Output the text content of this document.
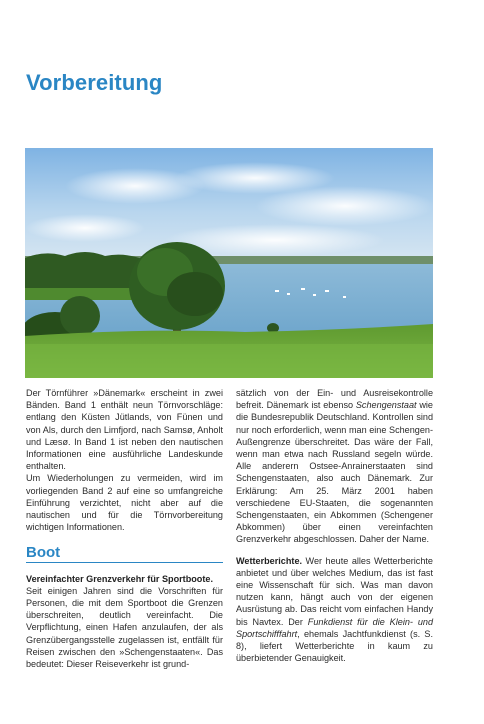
Vorbereitung

Der Törnführer »Dänemark« erscheint in zwei Bänden. Band 1 enthält neun Törnvorschläge: entlang den Küsten Jütlands, von Fünen und von Als, durch den Limfjord, nach Samsø, Anholt und Læsø. In Band 1 ist neben den nautischen Informationen eine ausführliche Landeskunde enthalten.

Um Wiederholungen zu vermeiden, wird im vorliegenden Band 2 auf eine so umfangreiche Einführung verzichtet, nicht aber auf die nautischen und für die Törnvorbereitung wichtigen Informationen.

Boot

Vereinfachter Grenzverkehr für Sportboote.
Seit einigen Jahren sind die Vorschriften für Personen, die mit dem Sportboot die Grenzen überschreiten, deutlich vereinfacht. Die Verpflichtung, einen Hafen anzulaufen, der als Grenzübergangsstelle zugelassen ist, entfällt für Reisen zwischen den »Schengenstaaten«. Das bedeutet: Dieser Reiseverkehr ist grund-

sätzlich von der Ein- und Ausreisekontrolle befreit. Dänemark ist ebenso Schengenstaat wie die Bundesrepublik Deutschland. Kontrollen sind nur noch erforderlich, wenn man eine Schengen-Außengrenze überschreitet. Das wäre der Fall, wenn man etwa nach Russland segeln würde. Alle anderern Ostsee-Anrainerstaaten sind Schengenstaaten, also auch Dänemark. Zur Erklärung: Am 25. März 2001 haben verschiedene EU-Staaten, die sogenannten Schengenstaaten, ein Abkommen (Schengener Abkommen) über einen vereinfachten Grenzverkehr abgeschlossen. Daher der Name.

Wetterberichte. Wer heute alles Wetterberichte anbietet und über welches Medium, das ist fast eine Wissenschaft für sich. Was man davon nutzen kann, hängt auch von der eigenen Ausrüstung ab. Das reicht vom einfachen Handy bis Navtex. Der Funkdienst für die Klein- und Sportschifffahrt, ehemals Jachtfunkdienst (s. S. 8), liefert Wetterberichte in kaum zu überbietender Genauigkeit.
